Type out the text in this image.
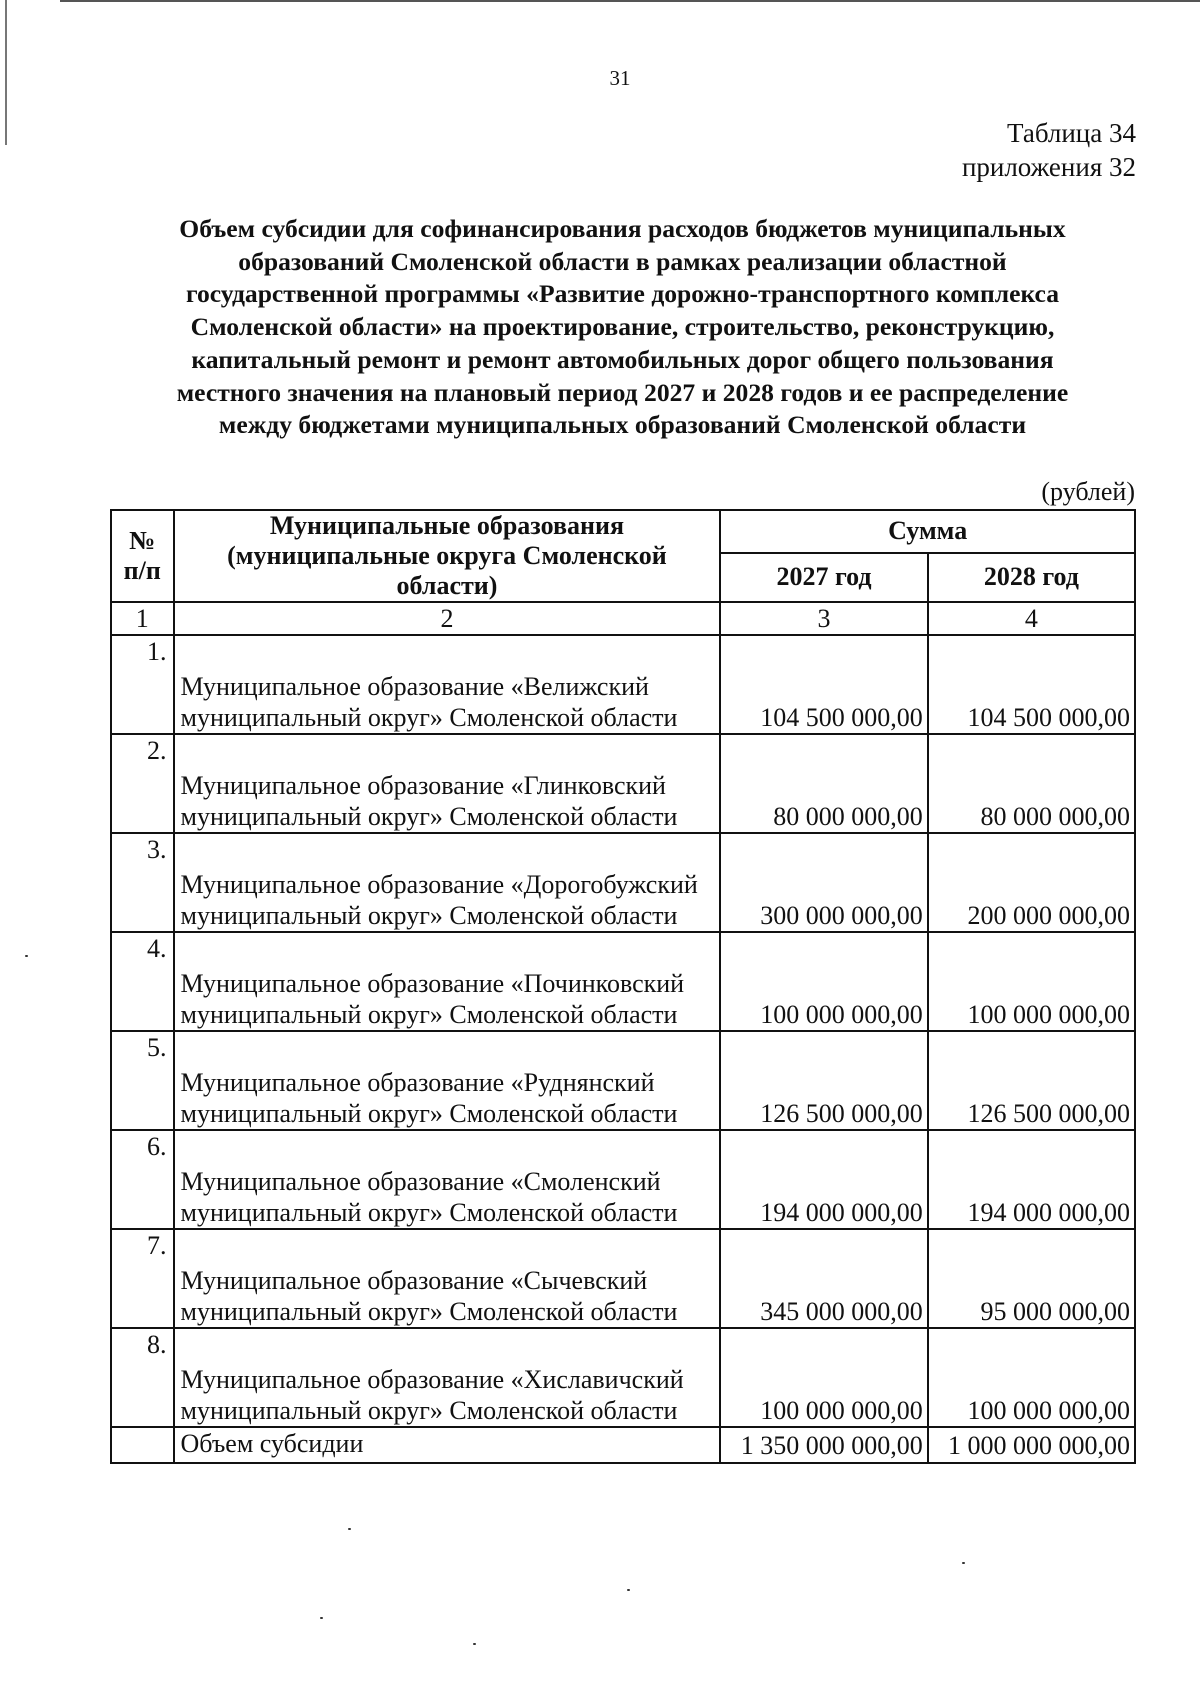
31
Таблица 34
приложения 32
Объем субсидии для софинансирования расходов бюджетов муниципальных
образований Смоленской области в рамках реализации областной
государственной программы «Развитие дорожно-транспортного комплекса
Смоленской области» на проектирование, строительство, реконструкцию,
капитальный ремонт и ремонт автомобильных дорог общего пользования
местного значения на плановый период 2027 и 2028 годов и ее распределение
между бюджетами муниципальных образований Смоленской области
(рублей)
№ п/п	Муниципальные образования (муниципальные округа Смоленской области)	Сумма	
		2027 год	2028 год
1	2	3	4
1.	Муниципальное образование «Велижский муниципальный округ» Смоленской области	104 500 000,00	104 500 000,00
2.	Муниципальное образование «Глинковский муниципальный округ» Смоленской области	80 000 000,00	80 000 000,00
3.	Муниципальное образование «Дорогобужский муниципальный округ» Смоленской области	300 000 000,00	200 000 000,00
4.	Муниципальное образование «Починковский муниципальный округ» Смоленской области	100 000 000,00	100 000 000,00
5.	Муниципальное образование «Руднянский муниципальный округ» Смоленской области	126 500 000,00	126 500 000,00
6.	Муниципальное образование «Смоленский муниципальный округ» Смоленской области	194 000 000,00	194 000 000,00
7.	Муниципальное образование «Сычевский муниципальный округ» Смоленской области	345 000 000,00	95 000 000,00
8.	Муниципальное образование «Хиславичский муниципальный округ» Смоленской области	100 000 000,00	100 000 000,00
	Объем субсидии	1 350 000 000,00	1 000 000 000,00
